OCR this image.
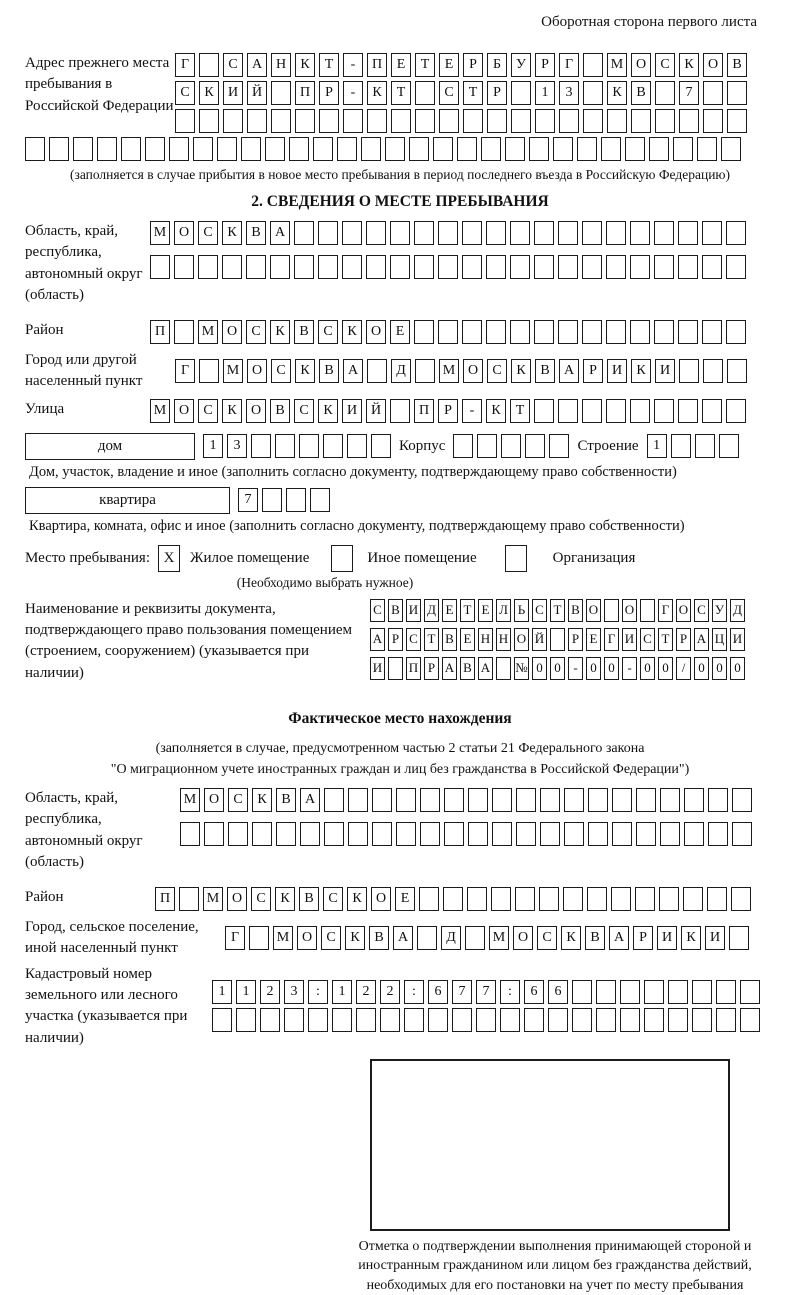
Оборотная сторона первого листа
Адрес прежнего места пребывания в Российской Федерации
Г	С	А Н	К	Т	-	П	Е	Т	Е	Р	Б	У	Р	Г	М О	С	К	О	В
С	К	И Й	П	Р	-	К	Т	С	Т	Р	1	3	К	В	7
(заполняется в случае прибытия в новое место пребывания в период последнего въезда в Российскую Федерацию)
2. СВЕДЕНИЯ О МЕСТЕ ПРЕБЫВАНИЯ
Область, край, республика, автономный округ (область)
М О	С	К	В	А
Район	П	М О	С	К	В	С	К	О	Е
Город или другой населенный пункт
Г	М О	С	К	В	А	Д	М О	С	К	В	А	Р	И	К	И
Улица	М О	С	К	О	В	С	К	И Й	П	Р	-	К	Т
дом	1	3	Корпус	Строение	1
Дом, участок, владение и иное (заполнить согласно документу, подтверждающему право собственности)
квартира	7
Квартира, комната, офис и иное (заполнить согласно документу, подтверждающему право собственности)
Место пребывания: X	Жилое помещение	Иное помещение	Организация
(Необходимо выбрать нужное)
Наименование и реквизиты документа, подтверждающего право пользования помещением (строением, сооружением) (указывается при наличии)
С В И Д Е Т Е Л Ь С Т В О О Г О С У Д
А Р С Т В Е Н Н О Й Р Е Г И С Т Р А Ц И
И П Р А В А № 0 0 - 0 0 - 0 0 / 0 0 0
Фактическое место нахождения
(заполняется в случае, предусмотренном частью 2 статьи 21 Федерального закона
"О миграционном учете иностранных граждан и лиц без гражданства в Российской Федерации")
Область, край, республика, автономный округ (область)
М О	С	К	В	А
Район	П	М О	С	К	В	С	К	О	Е
Город, сельское поселение, иной населенный пункт
Г	М О	С	К	В	А	Д	М О	С	К	В	А	Р	И	К	И
Кадастровый номер земельного или лесного участка (указывается при наличии)
1	1	2	3	:	1	2	2	:	6	7	7	:	6	6
Отметка о подтверждении выполнения принимающей стороной и иностранным гражданином или лицом без гражданства действий, необходимых для его постановки на учет по месту пребывания
